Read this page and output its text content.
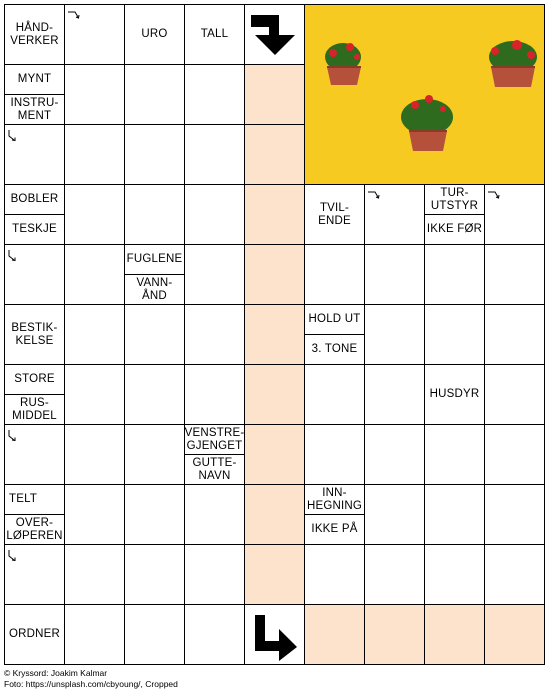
HÅND-VERKER
URO	TALL
MYNT
INSTRU-MENT
BOBLER
TESKJE
TVIL-ENDE
TUR-UTSTYR
IKKE FØR
FUGLENE
VANN-ÅND
BESTIK-KELSE
HOLD UT
3. TONE
STORE
RUS-MIDDEL
HUSDYR
VENSTRE-GJENGET
GUTTE-NAVN
TELT
OVER-LØPEREN
INN-HEGNING
IKKE PÅ
ORDNER
© Kryssord: Joakim Kalmar
Foto: https://unsplash.com/cbyoung/, Cropped
